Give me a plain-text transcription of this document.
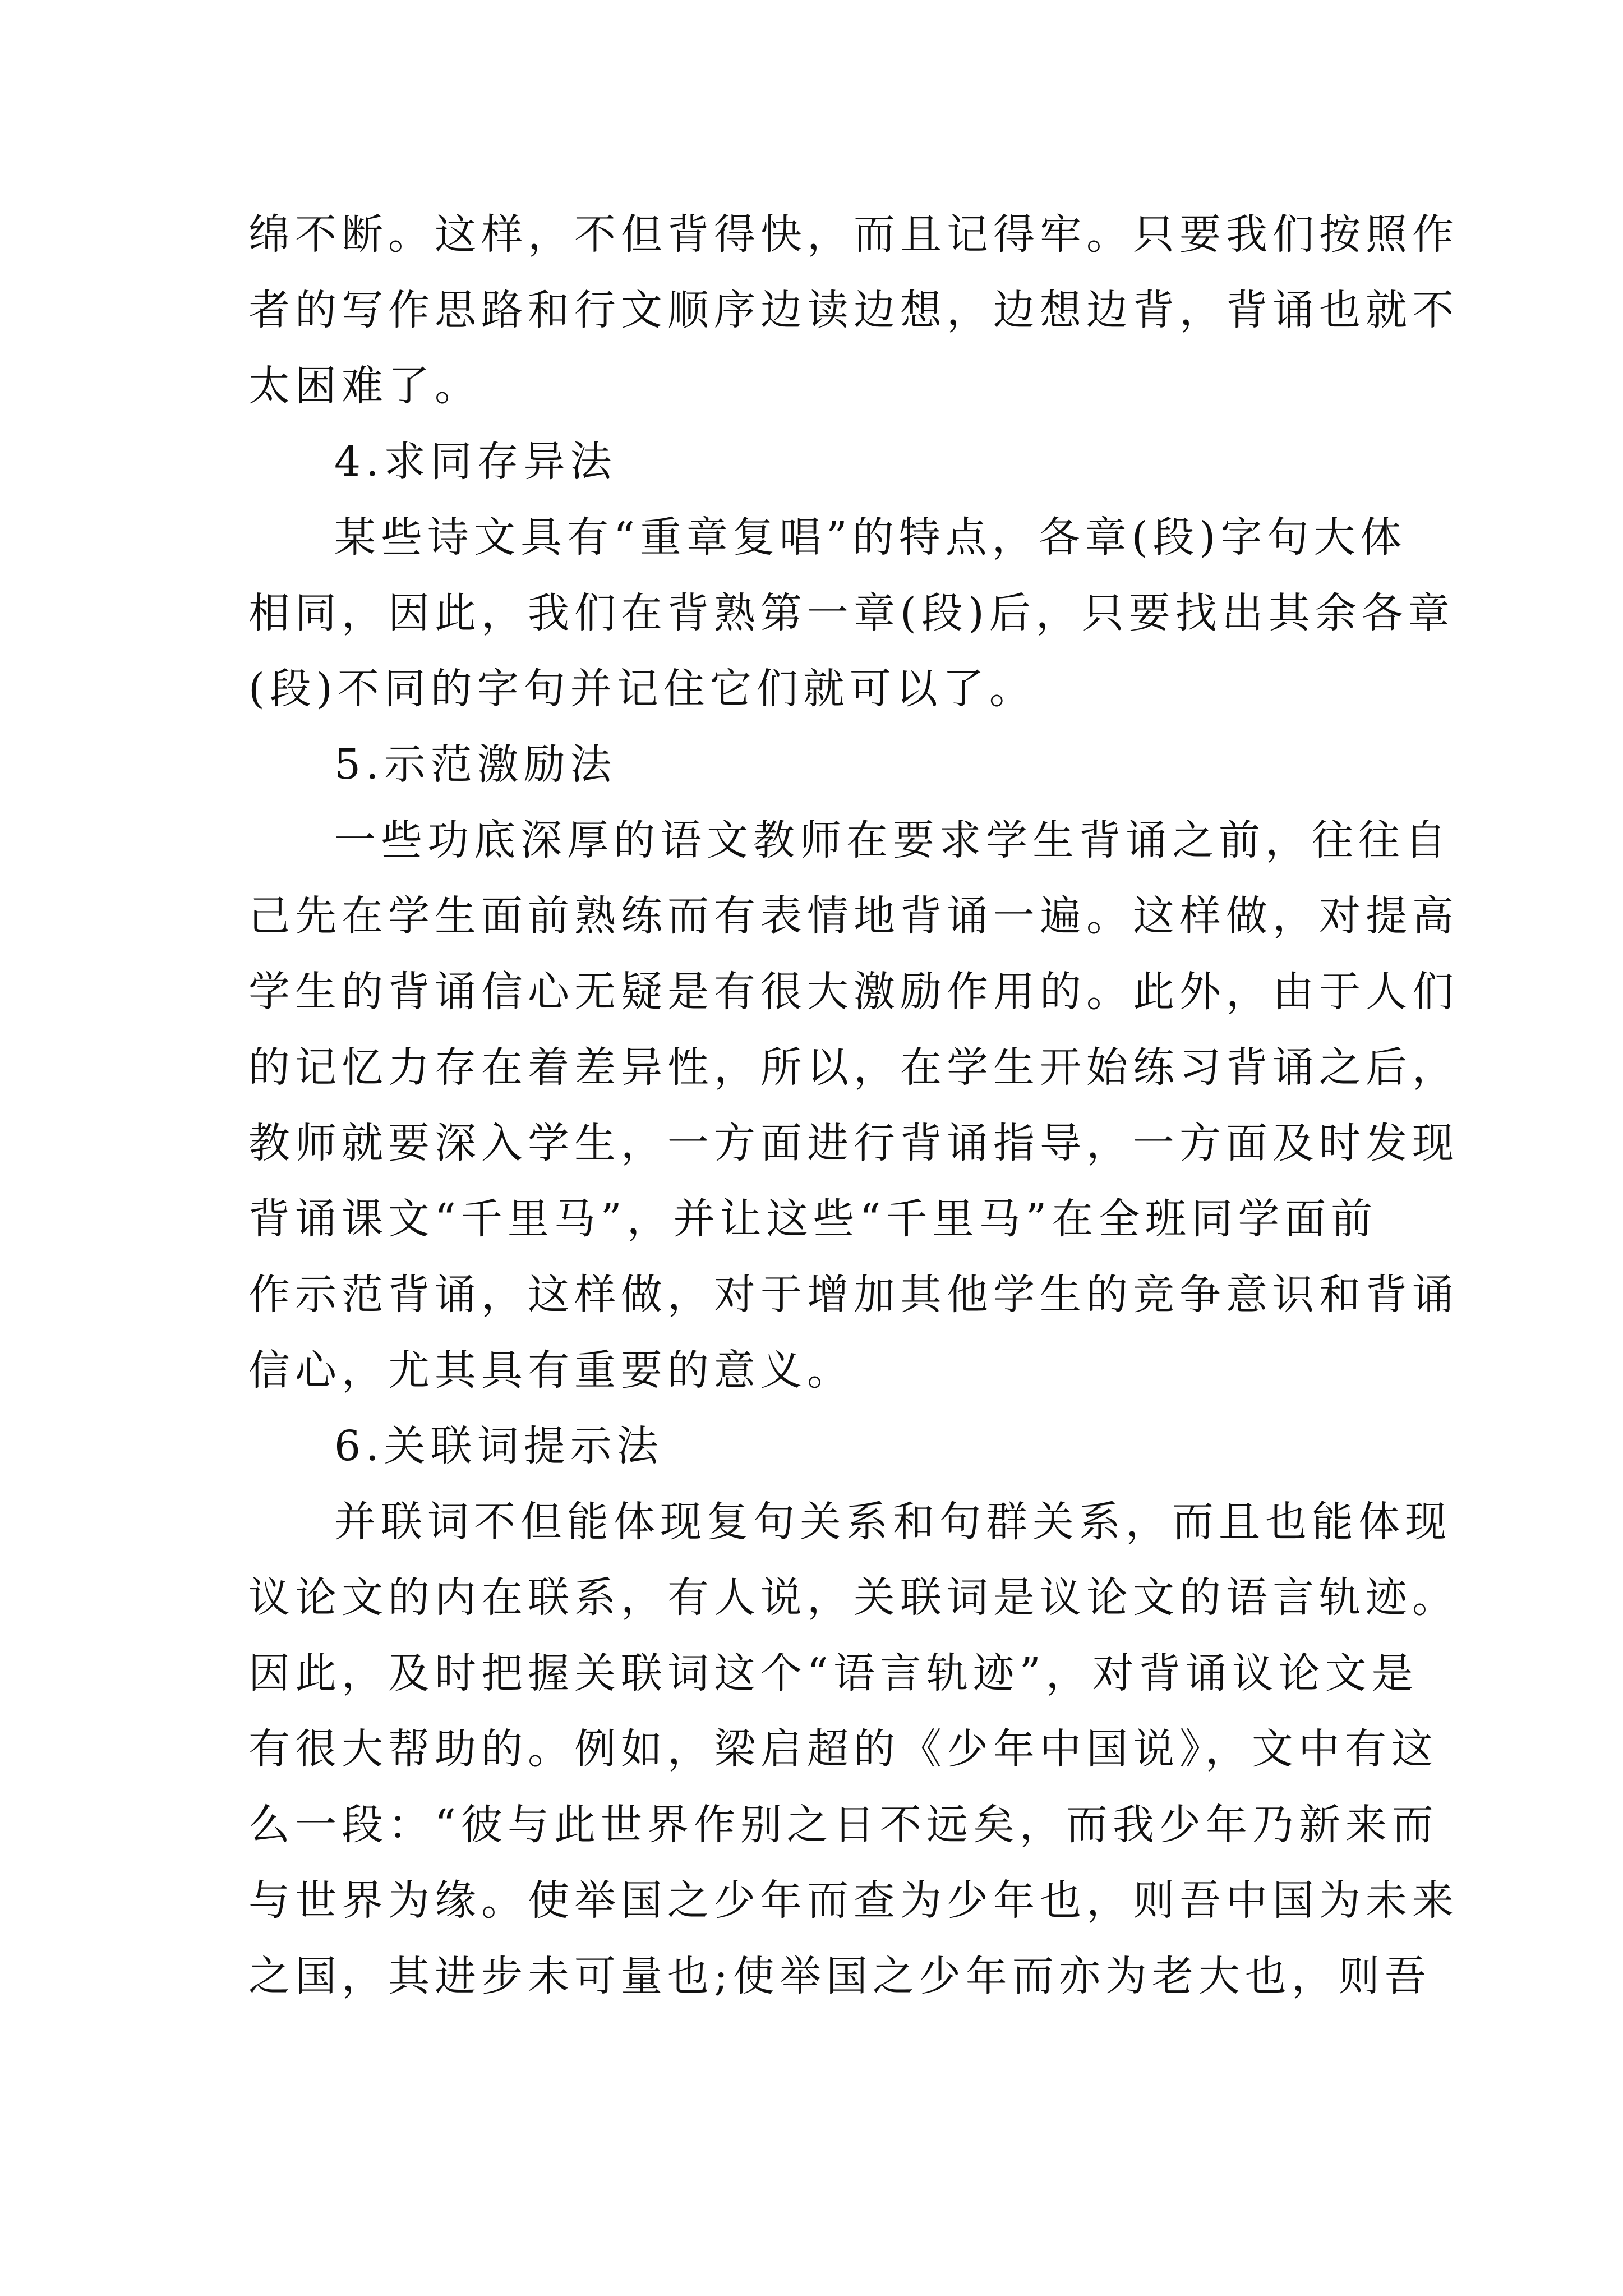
绵不断。这样，不但背得快，而且记得牢。只要我们按照作
者的写作思路和行文顺序边读边想，边想边背，背诵也就不
太困难了。
4.求同存异法
某些诗文具有“重章复唱”的特点，各章(段)字句大体
相同，因此，我们在背熟第一章(段)后，只要找出其余各章
(段)不同的字句并记住它们就可以了。
5.示范激励法
一些功底深厚的语文教师在要求学生背诵之前，往往自
己先在学生面前熟练而有表情地背诵一遍。这样做，对提高
学生的背诵信心无疑是有很大激励作用的。此外，由于人们
的记忆力存在着差异性，所以，在学生开始练习背诵之后，
教师就要深入学生，一方面进行背诵指导，一方面及时发现
背诵课文“千里马”，并让这些“千里马”在全班同学面前
作示范背诵，这样做，对于增加其他学生的竞争意识和背诵
信心，尤其具有重要的意义。
6.关联词提示法
并联词不但能体现复句关系和句群关系，而且也能体现
议论文的内在联系，有人说，关联词是议论文的语言轨迹。
因此，及时把握关联词这个“语言轨迹”，对背诵议论文是
有很大帮助的。例如，梁启超的《少年中国说》，文中有这
么一段：“彼与此世界作别之日不远矣，而我少年乃新来而
与世界为缘。使举国之少年而查为少年也，则吾中国为未来
之国，其进步未可量也;使举国之少年而亦为老大也，则吾
